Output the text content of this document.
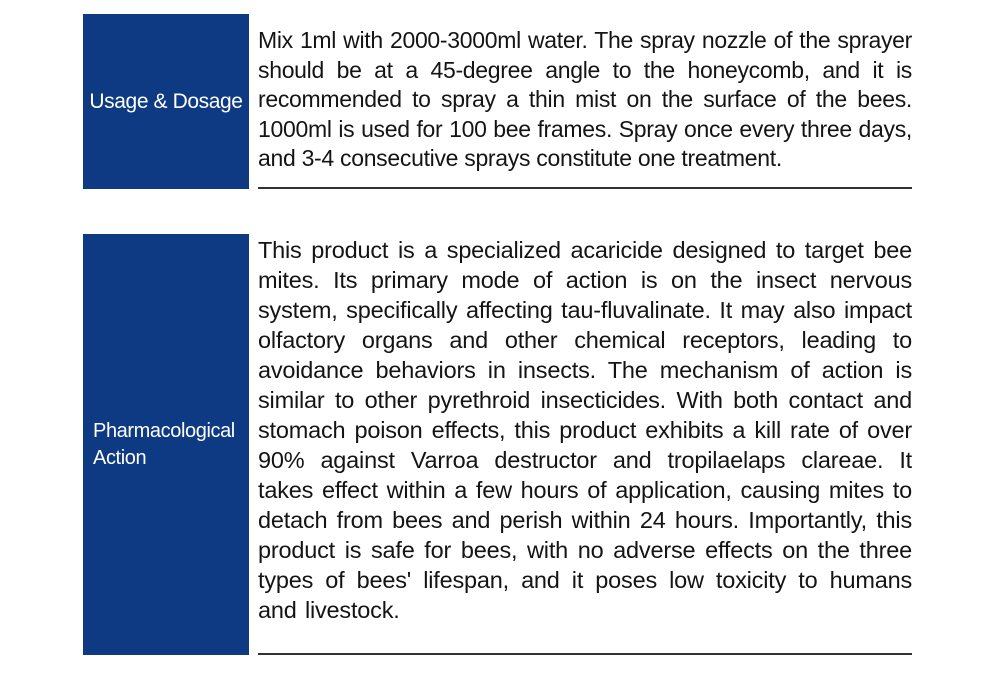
Usage & Dosage

Mix 1ml with 2000-3000ml water. The spray nozzle of the sprayer should be at a 45-degree angle to the honeycomb, and it is recommended to spray a thin mist on the surface of the bees. 1000ml is used for 100 bee frames. Spray once every three days, and 3-4 consecutive sprays constitute one treatment.

Pharmacological Action

This product is a specialized acaricide designed to target bee mites. Its primary mode of action is on the insect nervous system, specifically affecting tau-fluvalinate. It may also impact olfactory organs and other chemical receptors, leading to avoidance behaviors in insects. The mechanism of action is similar to other pyrethroid insecticides. With both contact and stomach poison effects, this product exhibits a kill rate of over 90% against Varroa destructor and tropilaelaps clareae. It takes effect within a few hours of application, causing mites to detach from bees and perish within 24 hours. Importantly, this product is safe for bees, with no adverse effects on the three types of bees' lifespan, and it poses low toxicity to humans and livestock.
